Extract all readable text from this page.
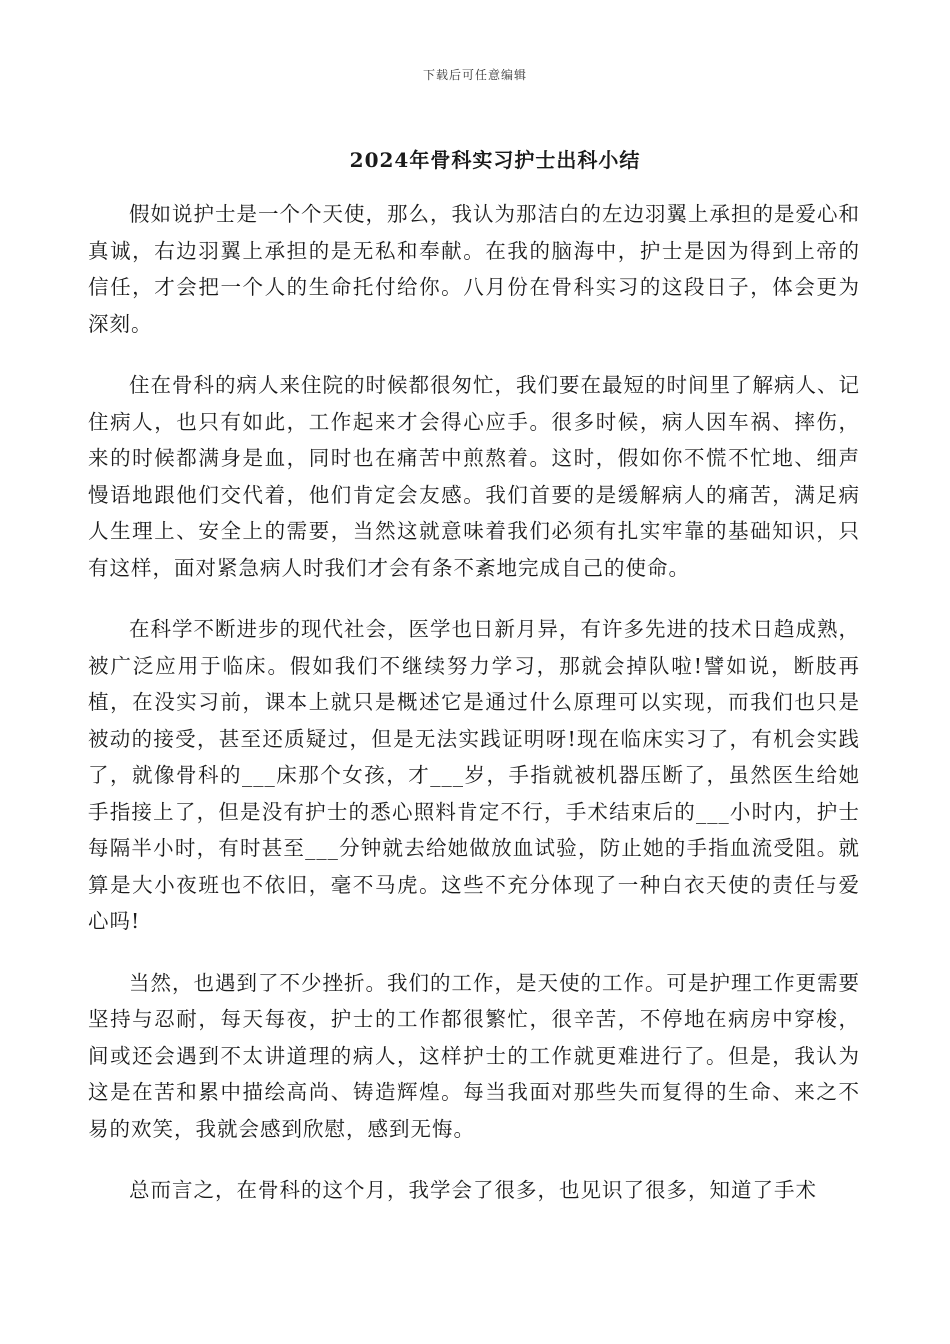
下载后可任意编辑
2024年骨科实习护士出科小结

假如说护士是一个个天使，那么，我认为那洁白的左边羽翼上承担的是爱心和真诚，右边羽翼上承担的是无私和奉献。在我的脑海中，护士是因为得到上帝的信任，才会把一个人的生命托付给你。八月份在骨科实习的这段日子，体会更为深刻。

住在骨科的病人来住院的时候都很匆忙，我们要在最短的时间里了解病人、记住病人，也只有如此，工作起来才会得心应手。很多时候，病人因车祸、摔伤，来的时候都满身是血，同时也在痛苦中煎熬着。这时，假如你不慌不忙地、细声慢语地跟他们交代着，他们肯定会友感。我们首要的是缓解病人的痛苦，满足病人生理上、安全上的需要，当然这就意味着我们必须有扎实牢靠的基础知识，只有这样，面对紧急病人时我们才会有条不紊地完成自己的使命。

在科学不断进步的现代社会，医学也日新月异，有许多先进的技术日趋成熟，被广泛应用于临床。假如我们不继续努力学习，那就会掉队啦!譬如说，断肢再植，在没实习前，课本上就只是概述它是通过什么原理可以实现，而我们也只是被动的接受，甚至还质疑过，但是无法实践证明呀!现在临床实习了，有机会实践了，就像骨科的___床那个女孩，才___岁，手指就被机器压断了，虽然医生给她手指接上了，但是没有护士的悉心照料肯定不行，手术结束后的___小时内，护士每隔半小时，有时甚至___分钟就去给她做放血试验，防止她的手指血流受阻。就算是大小夜班也不依旧，毫不马虎。这些不充分体现了一种白衣天使的责任与爱心吗!

当然，也遇到了不少挫折。我们的工作，是天使的工作。可是护理工作更需要坚持与忍耐，每天每夜，护士的工作都很繁忙，很辛苦，不停地在病房中穿梭，间或还会遇到不太讲道理的病人，这样护士的工作就更难进行了。但是，我认为这是在苦和累中描绘高尚、铸造辉煌。每当我面对那些失而复得的生命、来之不易的欢笑，我就会感到欣慰，感到无悔。

总而言之，在骨科的这个月，我学会了很多，也见识了很多，知道了手术
